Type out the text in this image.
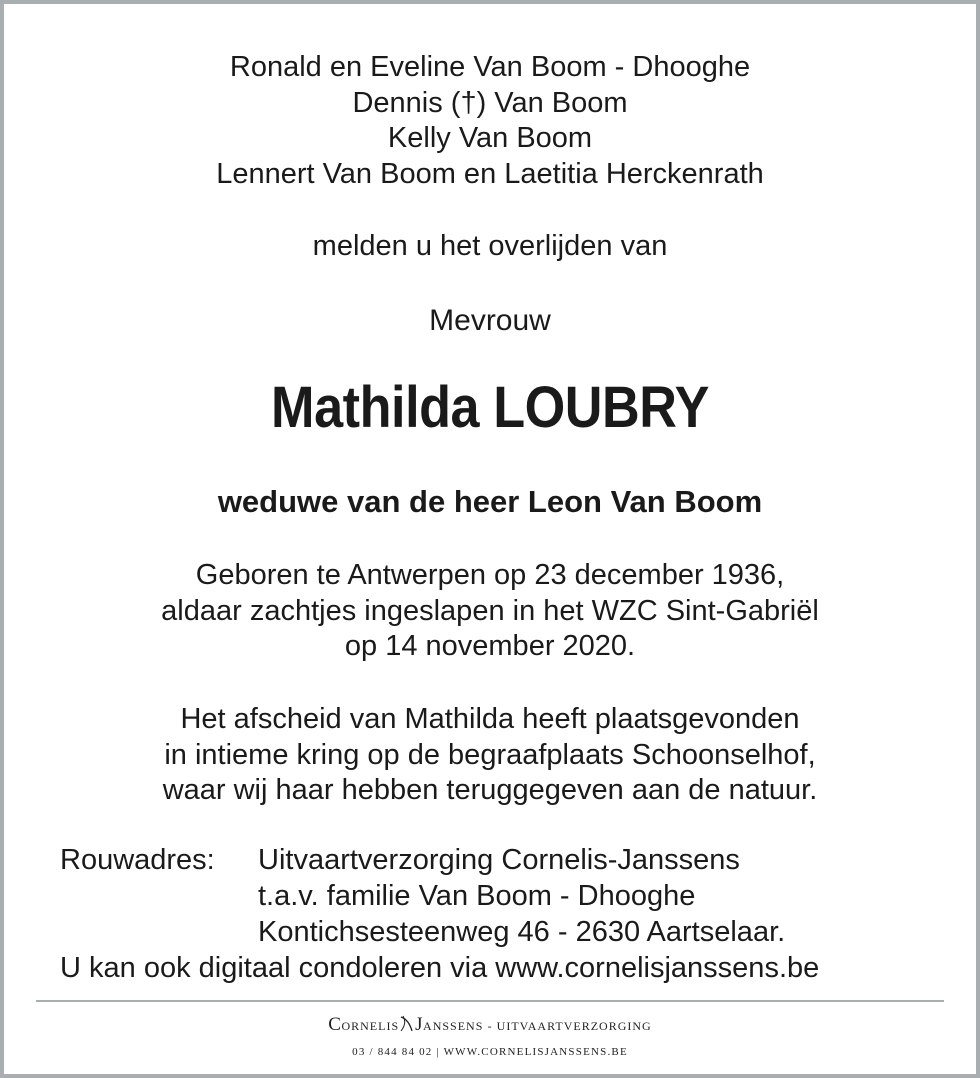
Ronald en Eveline Van Boom - Dhooghe
Dennis (†) Van Boom
Kelly Van Boom
Lennert Van Boom en Laetitia Herckenrath
melden u het overlijden van
Mevrouw
Mathilda LOUBRY
weduwe van de heer Leon Van Boom
Geboren te Antwerpen op 23 december 1936,
aldaar zachtjes ingeslapen in het WZC Sint-Gabriël
op 14 november 2020.
Het afscheid van Mathilda heeft plaatsgevonden
in intieme kring op de begraafplaats Schoonselhof,
waar wij haar hebben teruggegeven aan de natuur.
Rouwadres: Uitvaartverzorging Cornelis-Janssens
t.a.v. familie Van Boom - Dhooghe
Kontichsesteenweg 46 - 2630 Aartselaar.
U kan ook digitaal condoleren via www.cornelisjanssens.be
CORNELIS JANSSENS - UITVAARTVERZORGING
03 / 844 84 02 | WWW.CORNELISJANSSENS.BE
